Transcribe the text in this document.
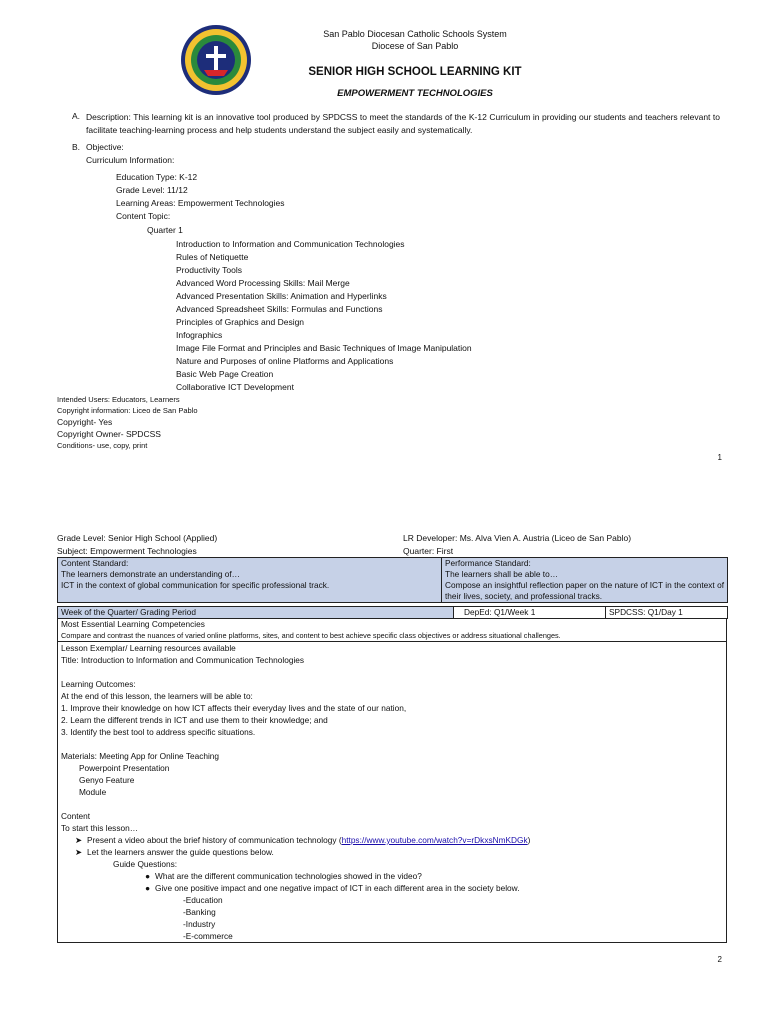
San Pablo Diocesan Catholic Schools System
Diocese of San Pablo
SENIOR HIGH SCHOOL LEARNING KIT
EMPOWERMENT TECHNOLOGIES
A. Description: This learning kit is an innovative tool produced by SPDCSS to meet the standards of the K-12 Curriculum in providing our students and teachers relevant to facilitate teaching-learning process and help students understand the subject easily and systematically.
B. Objective:
Curriculum Information:
Education Type: K-12
Grade Level: 11/12
Learning Areas: Empowerment Technologies
Content Topic:
Quarter 1
Introduction to Information and Communication Technologies
Rules of Netiquette
Productivity Tools
Advanced Word Processing Skills: Mail Merge
Advanced Presentation Skills: Animation and Hyperlinks
Advanced Spreadsheet Skills: Formulas and Functions
Principles of Graphics and Design
Infographics
Image File Format and Principles and Basic Techniques of Image Manipulation
Nature and Purposes of online Platforms and Applications
Basic Web Page Creation
Collaborative ICT Development
Intended Users: Educators, Learners
Copyright information: Liceo de San Pablo
Copyright- Yes
Copyright Owner- SPDCSS
Conditions- use, copy, print
1
Grade Level: Senior High School (Applied)
Subject: Empowerment Technologies
LR Developer: Ms. Alva Vien A. Austria (Liceo de San Pablo)
Quarter: First
Content Standard:
The learners demonstrate an understanding of…
ICT in the context of global communication for specific professional track.

Performance Standard:
The learners shall be able to…
Compose an insightful reflection paper on the nature of ICT in the context of their lives, society, and professional tracks.
Week of the Quarter/ Grading Period	DepEd: Q1/Week 1	SPDCSS: Q1/Day 1
Most Essential Learning Competencies
Compare and contrast the nuances of varied online platforms, sites, and content to best achieve specific class objectives or address situational challenges.

Lesson Exemplar/ Learning resources available
Title: Introduction to Information and Communication Technologies
Learning Outcomes:
At the end of this lesson, the learners will be able to:
1. Improve their knowledge on how ICT affects their everyday lives and the state of our nation,
2. Learn the different trends in ICT and use them to their knowledge; and
3. Identify the best tool to address specific situations.
Materials: Meeting App for Online Teaching
Powerpoint Presentation
Genyo Feature
Module
Content
To start this lesson…
➤ Present a video about the brief history of communication technology (https://www.youtube.com/watch?v=rDkxsNmKDGk)
➤ Let the learners answer the guide questions below.
Guide Questions:
● What are the different communication technologies showed in the video?
● Give one positive impact and one negative impact of ICT in each different area in the society below.
-Education
-Banking
-Industry
-E-commerce
2
